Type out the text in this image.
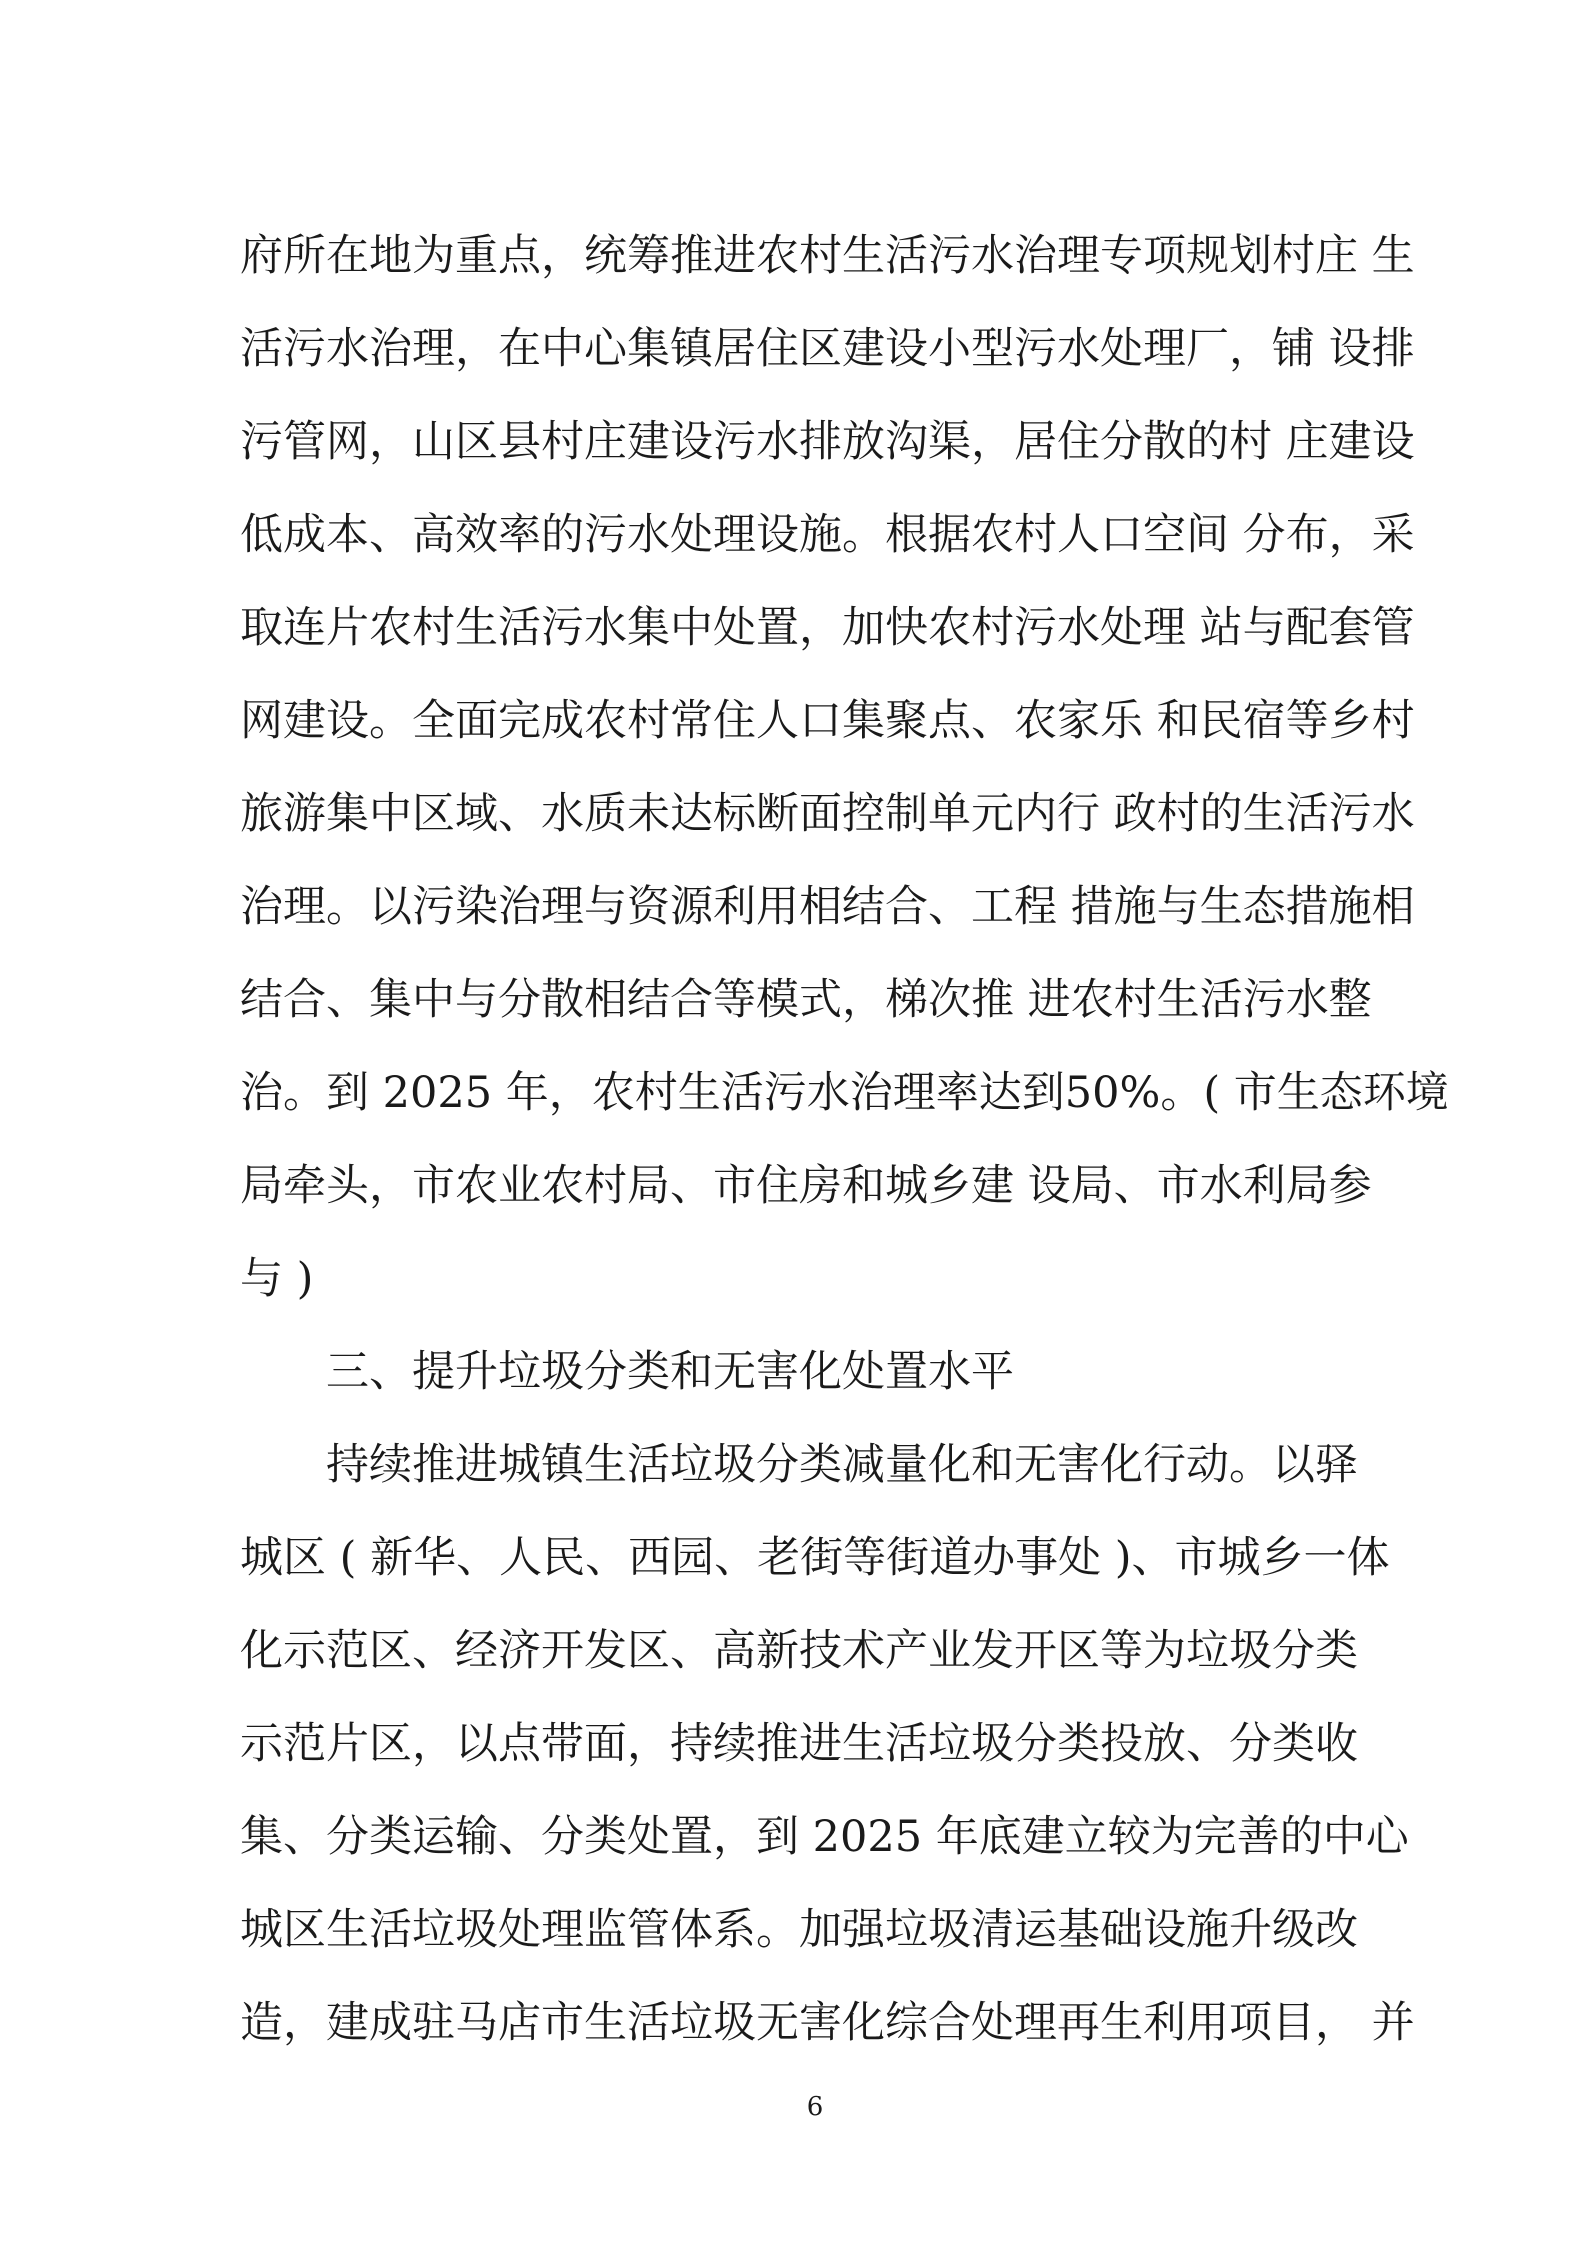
府所在地为重点，统筹推进农村生活污水治理专项规划村庄 生
活污水治理，在中心集镇居住区建设小型污水处理厂，铺 设排
污管网，山区县村庄建设污水排放沟渠，居住分散的村 庄建设
低成本、高效率的污水处理设施。根据农村人口空间 分布，采
取连片农村生活污水集中处置，加快农村污水处理 站与配套管
网建设。全面完成农村常住人口集聚点、农家乐 和民宿等乡村
旅游集中区域、水质未达标断面控制单元内行 政村的生活污水
治理。以污染治理与资源利用相结合、工程 措施与生态措施相
结合、集中与分散相结合等模式，梯次推 进农村生活污水整
治。到 2025 年，农村生活污水治理率达到50%。( 市生态环境
局牵头，市农业农村局、市住房和城乡建 设局、市水利局参
与 )
三、提升垃圾分类和无害化处置水平
持续推进城镇生活垃圾分类减量化和无害化行动。以驿
城区 ( 新华、人民、西园、老街等街道办事处 )、市城乡一体
化示范区、经济开发区、高新技术产业发开区等为垃圾分类
示范片区，以点带面，持续推进生活垃圾分类投放、分类收
集、分类运输、分类处置，到 2025 年底建立较为完善的中心
城区生活垃圾处理监管体系。加强垃圾清运基础设施升级改
造，建成驻马店市生活垃圾无害化综合处理再生利用项目， 并
6
